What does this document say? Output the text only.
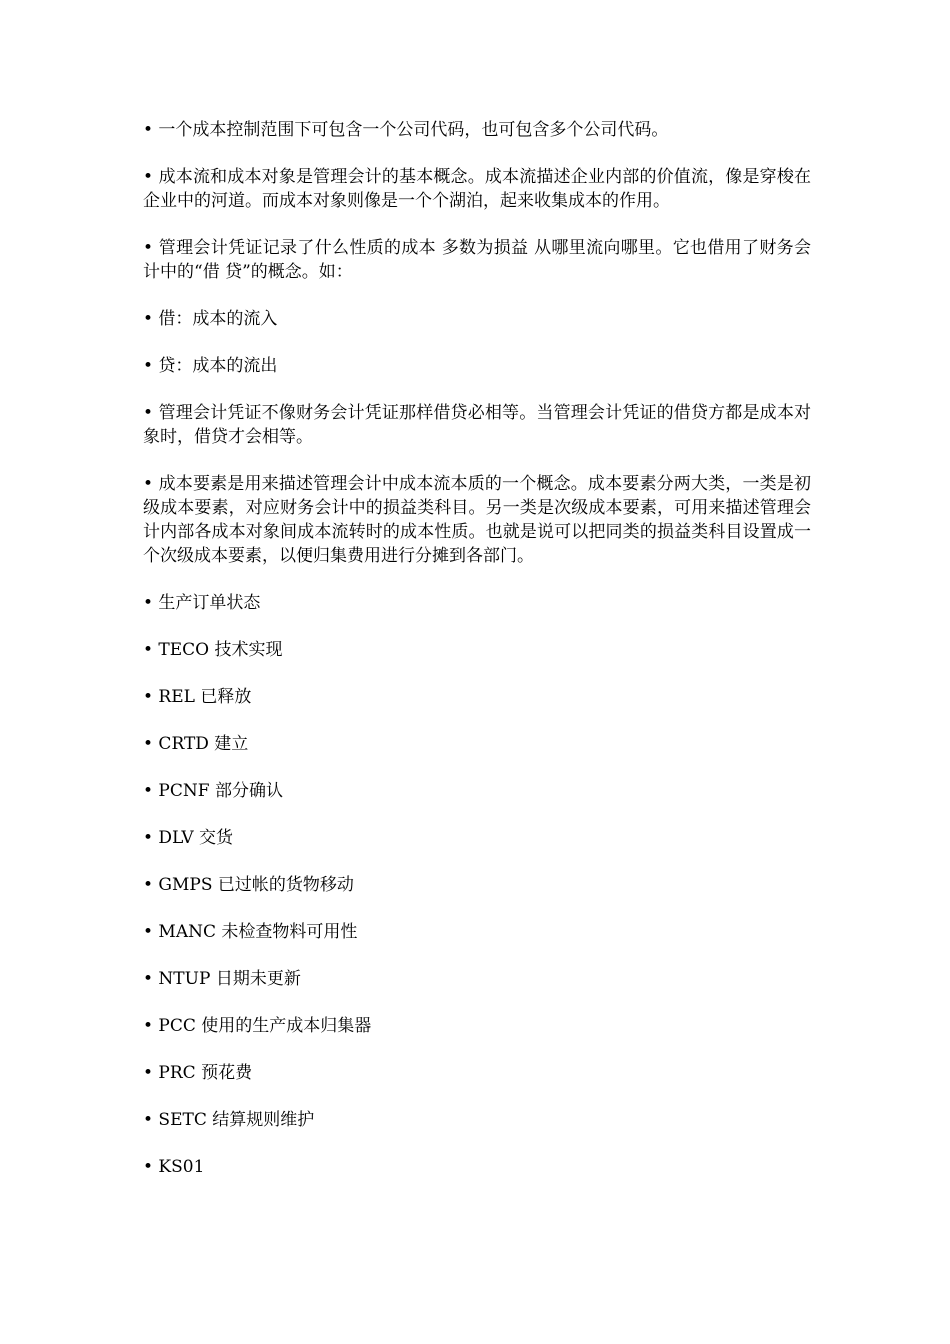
• 一个成本控制范围下可包含一个公司代码，也可包含多个公司代码。

• 成本流和成本对象是管理会计的基本概念。成本流描述企业内部的价值流，像是穿梭在企业中的河道。而成本对象则像是一个个湖泊，起来收集成本的作用。

• 管理会计凭证记录了什么性质的成本 多数为损益 从哪里流向哪里。它也借用了财务会计中的“借 贷”的概念。如：

• 借：成本的流入

• 贷：成本的流出

• 管理会计凭证不像财务会计凭证那样借贷必相等。当管理会计凭证的借贷方都是成本对象时，借贷才会相等。

• 成本要素是用来描述管理会计中成本流本质的一个概念。成本要素分两大类，一类是初级成本要素，对应财务会计中的损益类科目。另一类是次级成本要素，可用来描述管理会计内部各成本对象间成本流转时的成本性质。也就是说可以把同类的损益类科目设置成一个次级成本要素，以便归集费用进行分摊到各部门。

• 生产订单状态

• TECO 技术实现

• REL 已释放

• CRTD 建立

• PCNF 部分确认

• DLV 交货

• GMPS 已过帐的货物移动

• MANC 未检查物料可用性

• NTUP 日期未更新

• PCC 使用的生产成本归集器

• PRC 预花费

• SETC 结算规则维护

• KS01
